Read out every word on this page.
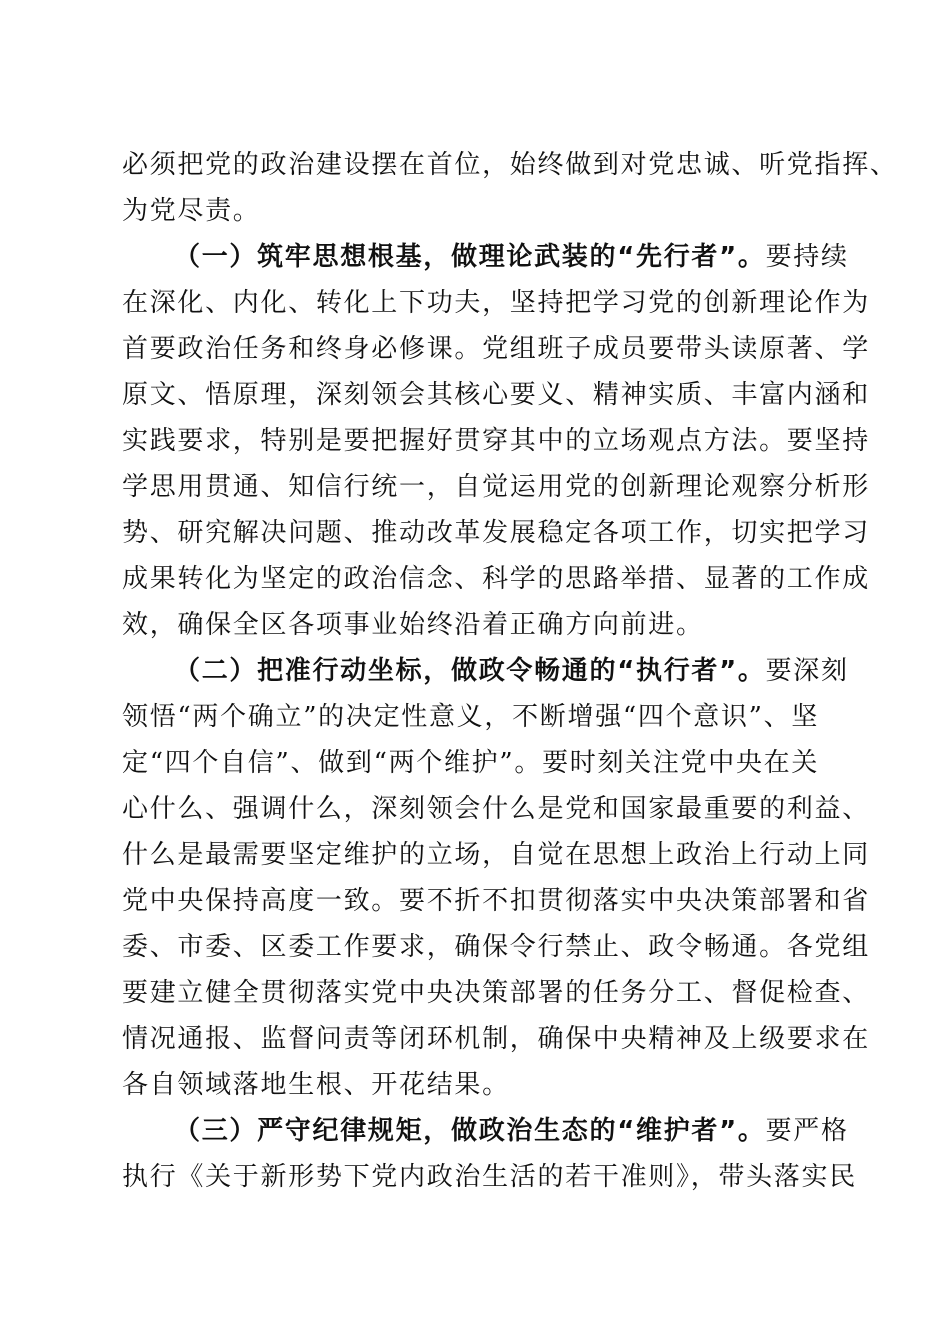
必须把党的政治建设摆在首位，始终做到对党忠诚、听党指挥、
为党尽责。
（一）筑牢思想根基，做理论武装的“先行者”。要持续
在深化、内化、转化上下功夫，坚持把学习党的创新理论作为
首要政治任务和终身必修课。党组班子成员要带头读原著、学
原文、悟原理，深刻领会其核心要义、精神实质、丰富内涵和
实践要求，特别是要把握好贯穿其中的立场观点方法。要坚持
学思用贯通、知信行统一，自觉运用党的创新理论观察分析形
势、研究解决问题、推动改革发展稳定各项工作，切实把学习
成果转化为坚定的政治信念、科学的思路举措、显著的工作成
效，确保全区各项事业始终沿着正确方向前进。
（二）把准行动坐标，做政令畅通的“执行者”。要深刻
领悟“两个确立”的决定性意义，不断增强“四个意识”、坚
定“四个自信”、做到“两个维护”。要时刻关注党中央在关
心什么、强调什么，深刻领会什么是党和国家最重要的利益、
什么是最需要坚定维护的立场，自觉在思想上政治上行动上同
党中央保持高度一致。要不折不扣贯彻落实中央决策部署和省
委、市委、区委工作要求，确保令行禁止、政令畅通。各党组
要建立健全贯彻落实党中央决策部署的任务分工、督促检查、
情况通报、监督问责等闭环机制，确保中央精神及上级要求在
各自领域落地生根、开花结果。
（三）严守纪律规矩，做政治生态的“维护者”。要严格
执行《关于新形势下党内政治生活的若干准则》，带头落实民
